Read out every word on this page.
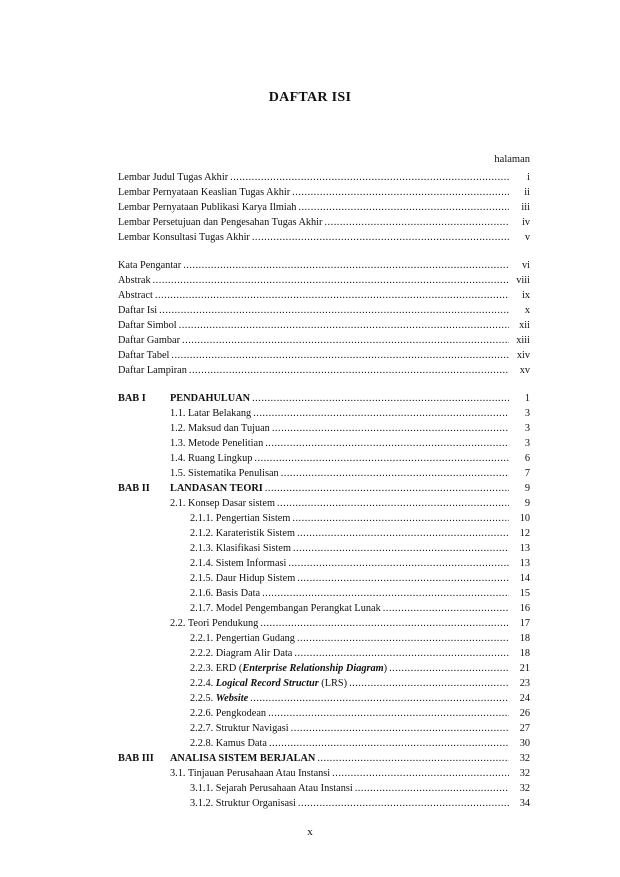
DAFTAR ISI
halaman
Lembar Judul Tugas Akhir .....	i
Lembar Pernyataan Keaslian Tugas Akhir .....	ii
Lembar Pernyataan Publikasi Karya Ilmiah .....	iii
Lembar Persetujuan dan Pengesahan Tugas Akhir .....	iv
Lembar Konsultasi Tugas Akhir .....	v
Kata Pengantar .....	vi
Abstrak .....	viii
Abstract .....	ix
Daftar Isi .....	x
Daftar Simbol .....	xii
Daftar Gambar .....	xiii
Daftar Tabel .....	xiv
Daftar Lampiran .....	xv
BAB I	PENDAHULUAN .....	1
1.1. Latar Belakang .....	3
1.2. Maksud dan Tujuan .....	3
1.3. Metode Penelitian .....	3
1.4. Ruang Lingkup .....	6
1.5. Sistematika Penulisan .....	7
BAB II	LANDASAN TEORI .....	9
2.1. Konsep Dasar sistem .....	9
2.1.1. Pengertian Sistem .....	10
2.1.2. Karateristik Sistem .....	12
2.1.3. Klasifikasi Sistem .....	13
2.1.4. Sistem Informasi .....	13
2.1.5. Daur Hidup Sistem .....	14
2.1.6. Basis Data .....	15
2.1.7. Model Pengembangan Perangkat Lunak .....	16
2.2. Teori Pendukung .....	17
2.2.1. Pengertian Gudang .....	18
2.2.2. Diagram Alir Data .....	18
2.2.3. ERD (Enterprise Relationship Diagram) .....	21
2.2.4. Logical Record Structur (LRS) .....	23
2.2.5. Website .....	24
2.2.6. Pengkodean .....	26
2.2.7. Struktur Navigasi .....	27
2.2.8. Kamus Data .....	30
BAB III	ANALISA SISTEM BERJALAN .....	32
3.1. Tinjauan Perusahaan Atau Instansi .....	32
3.1.1. Sejarah Perusahaan Atau Instansi .....	32
3.1.2. Struktur Organisasi .....	34
x
